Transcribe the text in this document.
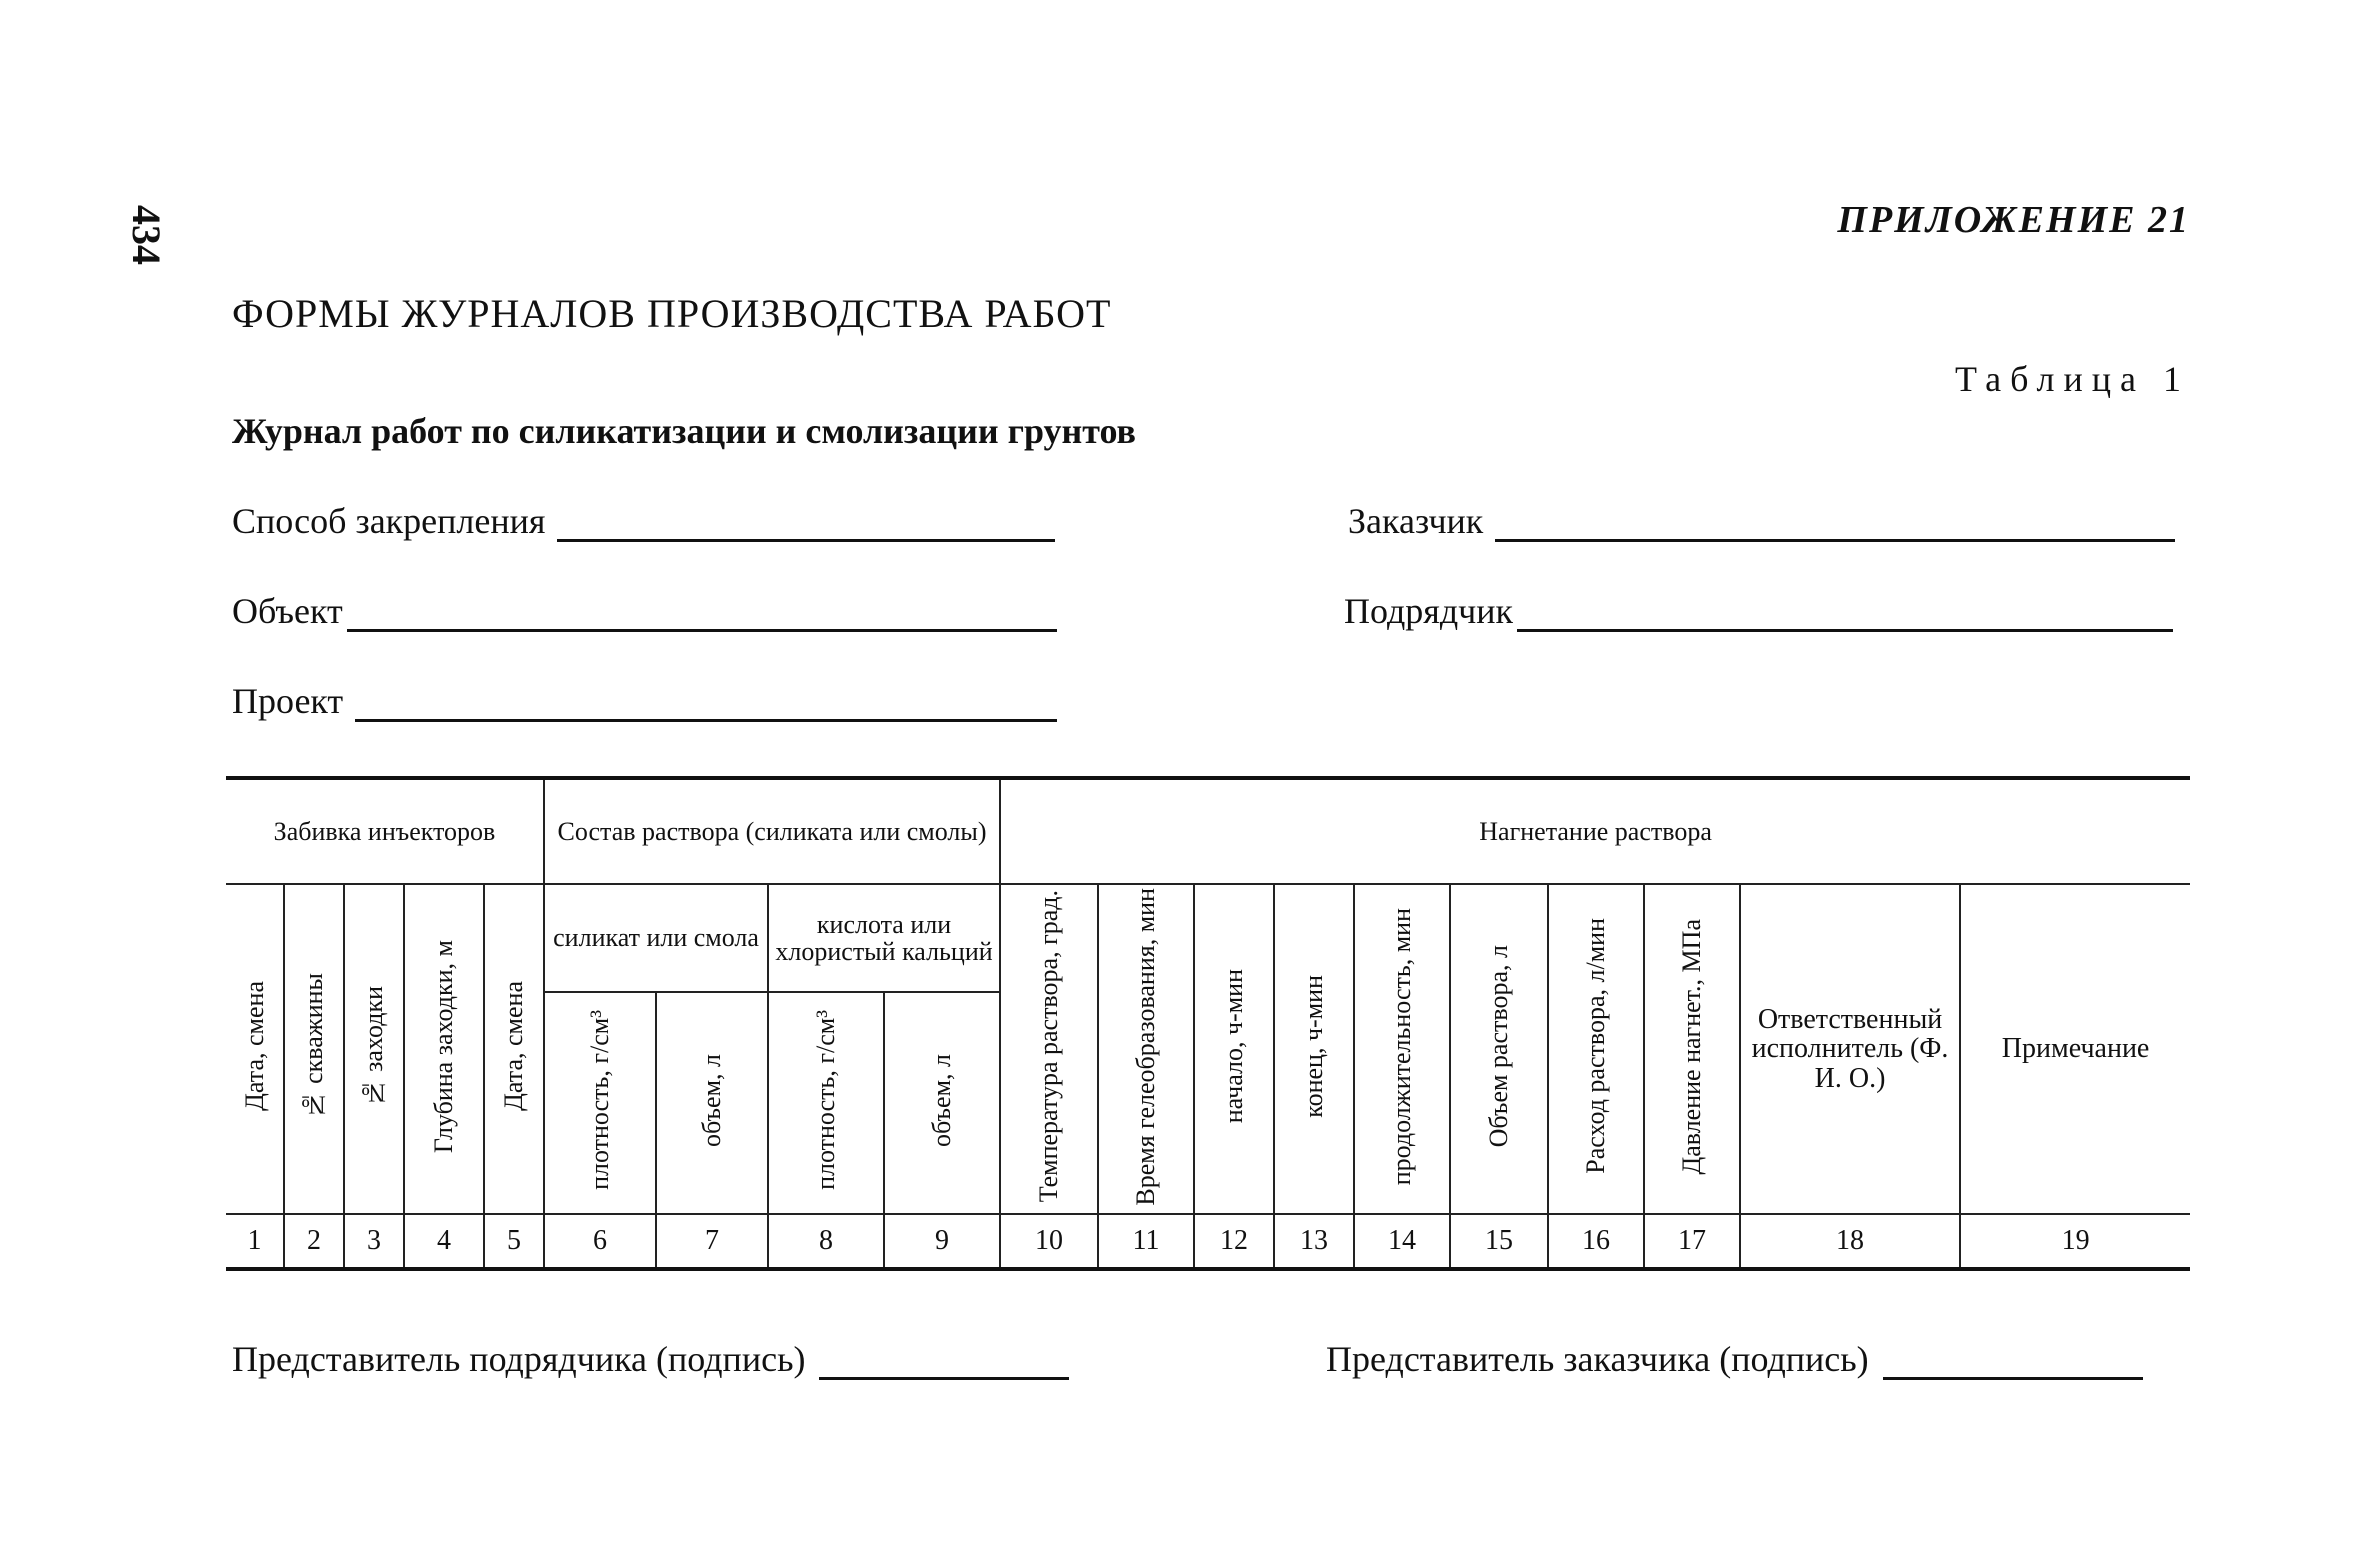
434	ПРИЛОЖЕНИЕ 21
ФОРМЫ ЖУРНАЛОВ ПРОИЗВОДСТВА РАБОТ
Таблица 1
Журнал работ по силикатизации и смолизации грунтов
Способ закрепления	Заказчик
Объект	Подрядчик
Проект
Забивка инъекторов					Состав раствора (силиката или смолы)				Нагнетание раствора									
Дата, смена	№ скважины	№ заходки	Глубина заходки, м	Дата, смена	силикат или смола		кислота или хлористый кальций		Температура раствора, град.	Время гелеобразования, мин	начало, ч-мин	конец, ч-мин	продолжительность, мин	Объем раствора, л	Расход раствора, л/мин	Давление нагнет., МПа	Ответственный исполнитель (Ф. И. О.)	Примечание
					плотность, г/см³	объем, л	плотность, г/см³	объем, л										
1	2	3	4	5	6	7	8	9	10	11	12	13	14	15	16	17	18	19
Представитель подрядчика (подпись)	Представитель заказчика (подпись)
